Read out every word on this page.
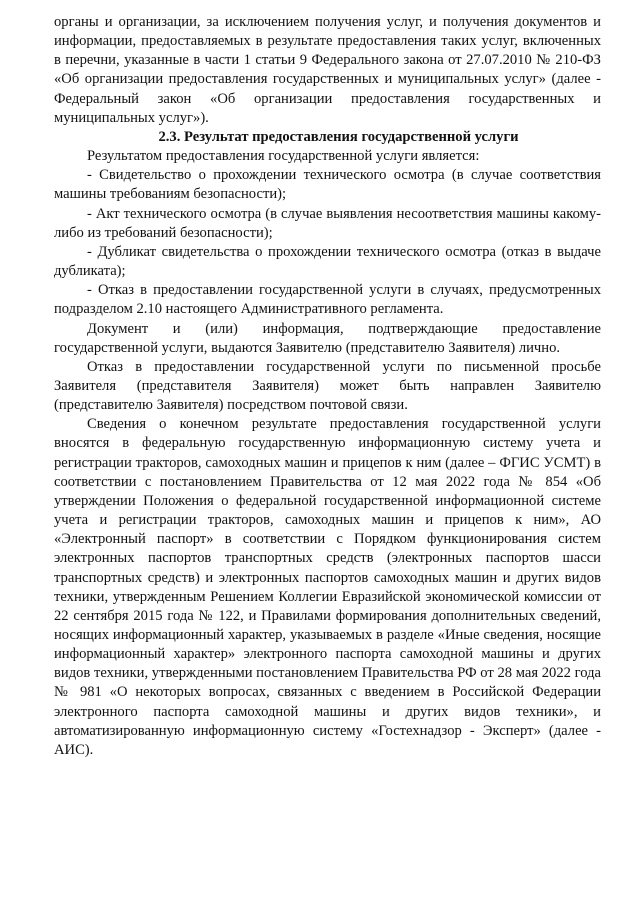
органы и организации, за исключением получения услуг, и получения документов и информации, предоставляемых в результате предоставления таких услуг, включенных в перечни, указанные в части 1 статьи 9 Федерального закона от 27.07.2010 № 210-ФЗ «Об организации предоставления государственных и муниципальных услуг» (далее - Федеральный закон «Об организации предоставления государственных и муниципальных услуг»).

2.3. Результат предоставления государственной услуги

Результатом предоставления государственной услуги является:

- Свидетельство о прохождении технического осмотра (в случае соответствия машины требованиям безопасности);

- Акт технического осмотра (в случае выявления несоответствия машины какому-либо из требований безопасности);

- Дубликат свидетельства о прохождении технического осмотра (отказ в выдаче дубликата);

- Отказ в предоставлении государственной услуги в случаях, предусмотренных подразделом 2.10 настоящего Административного регламента.

Документ и (или) информация, подтверждающие предоставление государственной услуги, выдаются Заявителю (представителю Заявителя) лично.

Отказ в предоставлении государственной услуги по письменной просьбе Заявителя (представителя Заявителя) может быть направлен Заявителю (представителю Заявителя) посредством почтовой связи.

Сведения о конечном результате предоставления государственной услуги вносятся в федеральную государственную информационную систему учета и регистрации тракторов, самоходных машин и прицепов к ним (далее – ФГИС УСМТ) в соответствии с постановлением Правительства от 12 мая 2022 года № 854 «Об утверждении Положения о федеральной государственной информационной системе учета и регистрации тракторов, самоходных машин и прицепов к ним», АО «Электронный паспорт» в соответствии с Порядком функционирования систем электронных паспортов транспортных средств (электронных паспортов шасси транспортных средств) и электронных паспортов самоходных машин и других видов техники, утвержденным Решением Коллегии Евразийской экономической комиссии от 22 сентября 2015 года № 122, и Правилами формирования дополнительных сведений, носящих информационный характер, указываемых в разделе «Иные сведения, носящие информационный характер» электронного паспорта самоходной машины и других видов техники, утвержденными постановлением Правительства РФ от 28 мая 2022 года № 981 «О некоторых вопросах, связанных с введением в Российской Федерации электронного паспорта самоходной машины и других видов техники», и автоматизированную информационную систему «Гостехнадзор - Эксперт» (далее - АИС).
